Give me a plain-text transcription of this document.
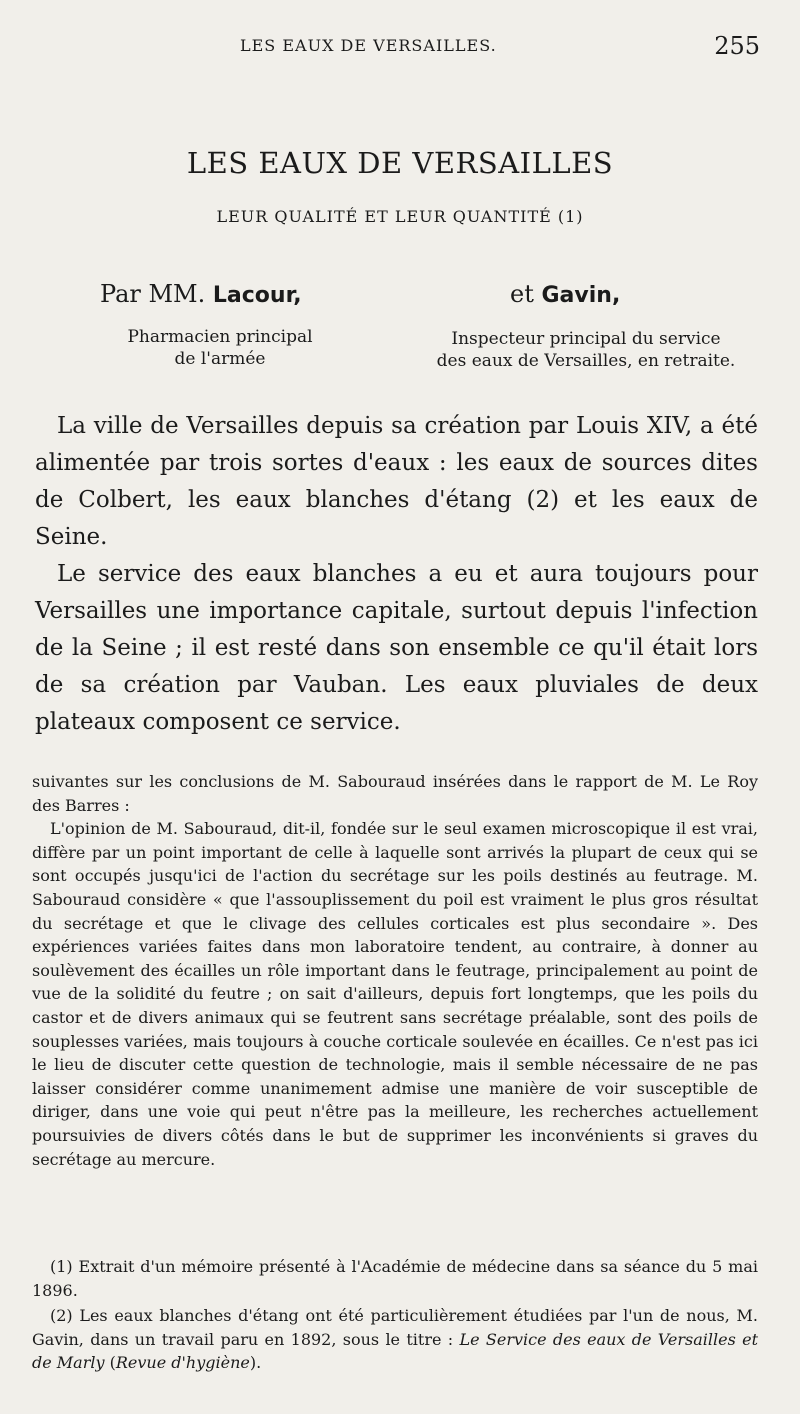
LES EAUX DE VERSAILLES.	255
LES EAUX DE VERSAILLES
LEUR QUALITÉ ET LEUR QUANTITÉ (1)
Par MM. Lacour,	et Gavin,
Pharmacien principal
de l'armée
Inspecteur principal du service
des eaux de Versailles, en retraite.

La ville de Versailles depuis sa création par Louis XIV, a été alimentée par trois sortes d'eaux : les eaux de sources dites de Colbert, les eaux blanches d'étang (2) et les eaux de Seine.

Le service des eaux blanches a eu et aura toujours pour Versailles une importance capitale, surtout depuis l'infection de la Seine ; il est resté dans son ensemble ce qu'il était lors de sa création par Vauban. Les eaux pluviales de deux plateaux composent ce service.

suivantes sur les conclusions de M. Sabouraud insérées dans le rapport de M. Le Roy des Barres :

L'opinion de M. Sabouraud, dit-il, fondée sur le seul examen microscopique il est vrai, diffère par un point important de celle à laquelle sont arrivés la plupart de ceux qui se sont occupés jusqu'ici de l'action du secrétage sur les poils destinés au feutrage. M. Sabouraud considère « que l'assouplissement du poil est vraiment le plus gros résultat du secrétage et que le clivage des cellules corticales est plus secondaire ». Des expériences variées faites dans mon laboratoire tendent, au contraire, à donner au soulèvement des écailles un rôle important dans le feutrage, principalement au point de vue de la solidité du feutre ; on sait d'ailleurs, depuis fort longtemps, que les poils du castor et de divers animaux qui se feutrent sans secrétage préalable, sont des poils de souplesses variées, mais toujours à couche corticale soulevée en écailles. Ce n'est pas ici le lieu de discuter cette question de technologie, mais il semble nécessaire de ne pas laisser considérer comme unanimement admise une manière de voir susceptible de diriger, dans une voie qui peut n'être pas la meilleure, les recherches actuellement poursuivies de divers côtés dans le but de supprimer les inconvénients si graves du secrétage au mercure.

(1) Extrait d'un mémoire présenté à l'Académie de médecine dans sa séance du 5 mai 1896.

(2) Les eaux blanches d'étang ont été particulièrement étudiées par l'un de nous, M. Gavin, dans un travail paru en 1892, sous le titre : Le Service des eaux de Versailles et de Marly (Revue d'hygiène).
